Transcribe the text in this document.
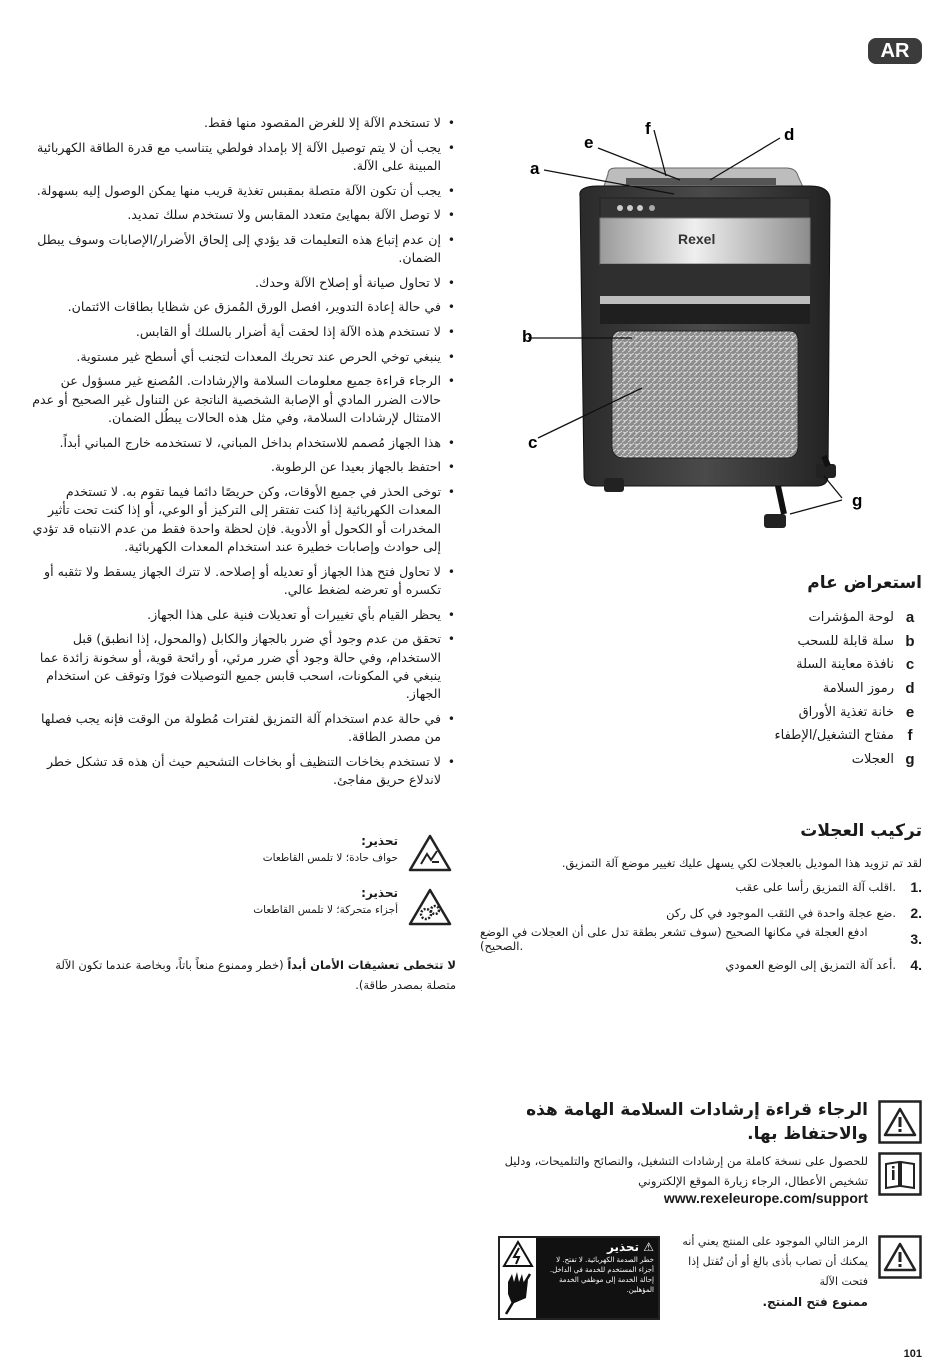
AR
• لا تستخدم الآلة إلا للغرض المقصود منها فقط.
• يجب أن لا يتم توصيل الآلة إلا بإمداد فولطي يتناسب مع قدرة الطاقة الكهربائية المبينة على الآلة.
• يجب أن تكون الآلة متصلة بمقبس تغذية قريب منها يمكن الوصول إليه بسهولة.
• لا توصل الآلة بمهايئ متعدد المقابس ولا تستخدم سلك تمديد.
• إن عدم إتباع هذه التعليمات قد يؤدي إلى إلحاق الأضرار/الإصابات وسوف يبطل الضمان.
• لا تحاول صيانة أو إصلاح الآلة وحدك.
• في حالة إعادة التدوير، افصل الورق المُمزق عن شظايا بطاقات الائتمان.
• لا تستخدم هذه الآلة إذا لحقت أية أضرار بالسلك أو القابس.
• ينبغي توخي الحرص عند تحريك المعدات لتجنب أي أسطح غير مستوية.
• الرجاء قراءة جميع معلومات السلامة والإرشادات. المُصنع غير مسؤول عن حالات الضرر المادي أو الإصابة الشخصية الناتجة عن التناول غير الصحيح أو عدم الامتثال لإرشادات السلامة، وفي مثل هذه الحالات يبطُل الضمان.
• هذا الجهاز مُصمم للاستخدام بداخل المباني، لا تستخدمه خارج المباني أبداً.
• احتفظ بالجهاز بعيدا عن الرطوبة.
• توخى الحذر في جميع الأوقات، وكن حريصًا دائما فيما تقوم به. لا تستخدم المعدات الكهربائية إذا كنت تفتقر إلى التركيز أو الوعي، أو إذا كنت تحت تأثير المخدرات أو الكحول أو الأدوية. فإن لحظة واحدة فقط من عدم الانتباه قد تؤدي إلى حوادث وإصابات خطيرة عند استخدام المعدات الكهربائية.
• لا تحاول فتح هذا الجهاز أو تعديله أو إصلاحه. لا تترك الجهاز يسقط ولا تثقبه أو تكسره أو تعرضه لضغط عالي.
• يحظر القيام بأي تغييرات أو تعديلات فنية على هذا الجهاز.
• تحقق من عدم وجود أي ضرر بالجهاز والكابل (والمحول، إذا انطبق) قبل الاستخدام، وفي حالة وجود أي ضرر مرئي، أو رائحة قوية، أو سخونة زائدة عما ينبغي في المكونات، اسحب قابس جميع التوصيلات فورًا وتوقف عن استخدام الجهاز.
• في حالة عدم استخدام آلة التمزيق لفترات مُطولة من الوقت فإنه يجب فصلها من مصدر الطاقة.
• لا تستخدم بخاخات التنظيف أو بخاخات التشحيم حيث أن هذه قد تشكل خطر لاندلاع حريق مفاجئ.
Rexel
a
b
c
d
e
f
g
استعراض عام
a
لوحة المؤشرات
b
سلة قابلة للسحب
c
نافذة معاينة السلة
d
رموز السلامة
e
خانة تغذية الأوراق
f
مفتاح التشغيل/الإطفاء
g
العجلات
تركيب العجلات
لقد تم تزويد هذا الموديل بالعجلات لكي يسهل عليك تغيير موضع آلة التمزيق.
1.
اقلب آلة التمزيق رأسا على عقب.
2.
ضع عجلة واحدة في الثقب الموجود في كل ركن.
3.
ادفع العجلة في مكانها الصحيح (سوف تشعر بطقة تدل على أن العجلات في الوضع الصحيح).
4.
أعد آلة التمزيق إلى الوضع العمودي.
تحذير:
حواف حادة؛ لا تلمس القاطعات
تحذير:
أجزاء متحركة؛ لا تلمس القاطعات
لا تتخطى تعشيقات الأمان أبداً (خطر وممنوع منعاً باتاً، وبخاصة عندما تكون الآلة متصلة بمصدر طاقة).
الرجاء قراءة إرشادات السلامة الهامة هذه
والاحتفاظ بها.
للحصول على نسخة كاملة من إرشادات التشغيل، والنصائح والتلميحات، ودليل
تشخيص الأعطال، الرجاء زيارة الموقع الإلكتروني
www.rexeleurope.com/support
الرمز التالي الموجود على المنتج يعني أنه
يمكنك أن تصاب بأذى بالغ أو أن تُقتل إذا
فتحت الآلة
ممنوع فتح المنتج.
⚠ تحذير
خطر الصدمة الكهربائية. لا تفتح. لا
أجزاء المستخدم للخدمة في الداخل.
إحالة الخدمة إلى موظفي الخدمة
المؤهلين.
101
